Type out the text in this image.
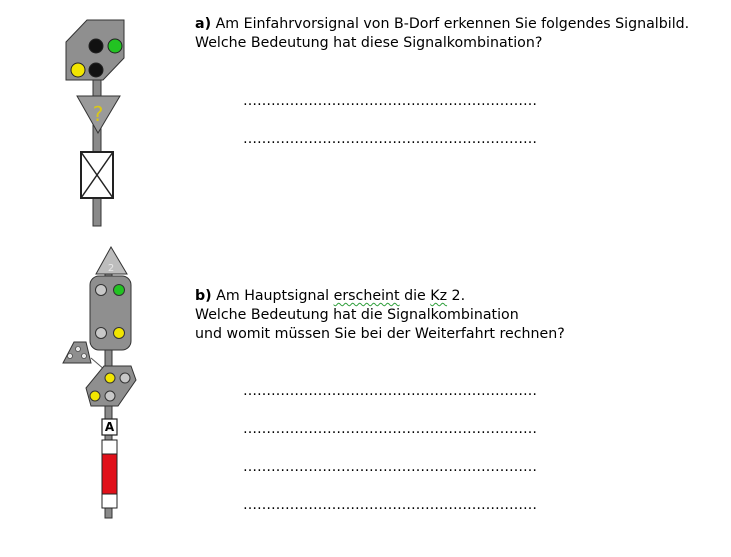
?
2
A
a) Am Einfahrvorsignal von B-Dorf erkennen Sie folgendes Signalbild.
Welche Bedeutung hat diese Signalkombination?
………………………………………………………
………………………………………………………
b) Am Hauptsignal erscheint die Kz 2.
Welche Bedeutung hat die Signalkombination
und womit müssen Sie bei der Weiterfahrt rechnen?
………………………………………………………
………………………………………………………
………………………………………………………
………………………………………………………
